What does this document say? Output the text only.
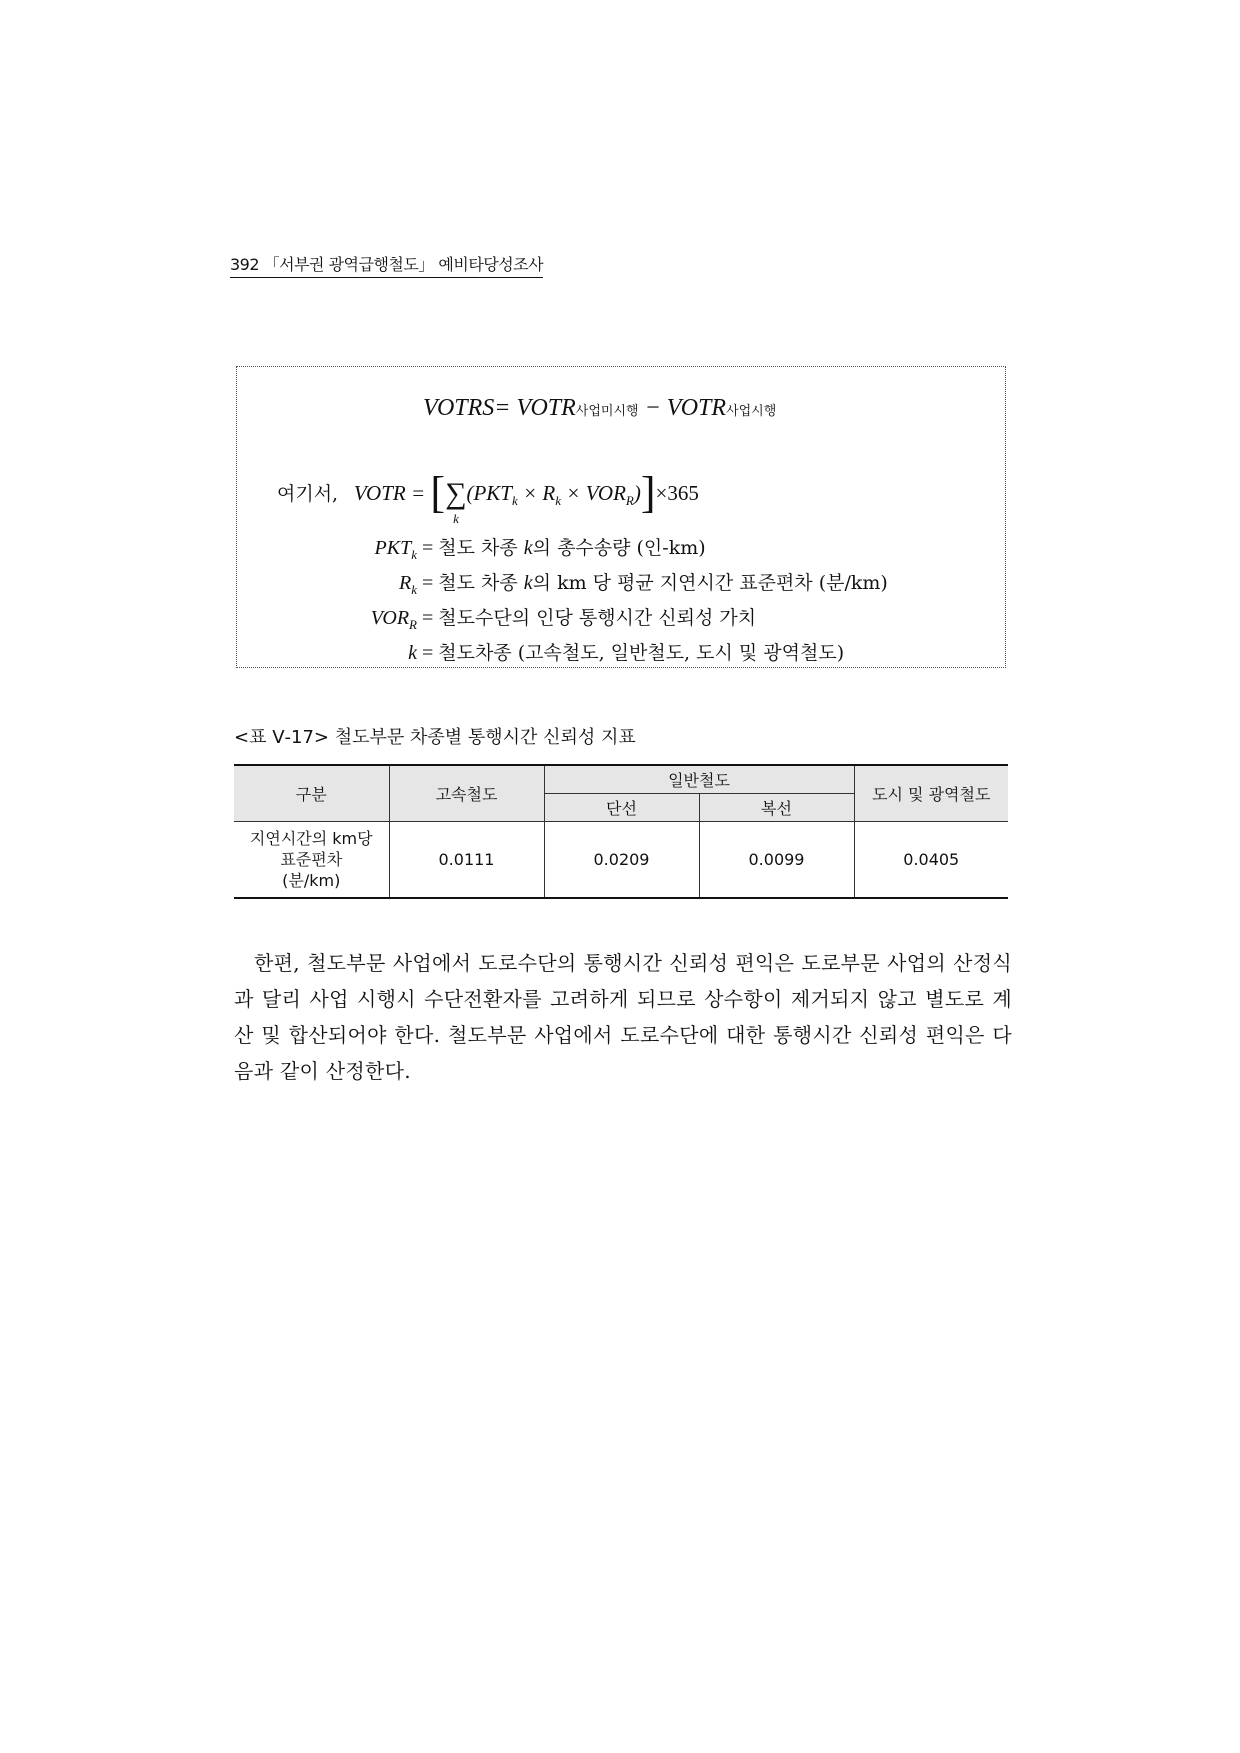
392 「서부권 광역급행철도」 예비타당성조사
VOTRS= VOTR사업미시행 − VOTR사업시행
여기서, VOTR = [∑
k
$(PKT_k \times R_k \times VOR_R)]\times 365$
$PKT_k$ = 철도 차종 k의 총수송량 (인-km)
$R_k$ = 철도 차종 k의 km 당 평균 지연시간 표준편차 (분/km)
$VOR_R$ = 철도수단의 인당 통행시간 신뢰성 가치
k = 철도차종 (고속철도, 일반철도, 도시 및 광역철도)
<표 Ⅴ-17> 철도부문 차종별 통행시간 신뢰성 지표
구분	고속철도	일반철도		도시 및 광역철도
		단선	복선	

지연시간의 km당
표준편차
(분/km)	0.0111	0.0209	0.0099	0.0405

한편, 철도부문 사업에서 도로수단의 통행시간 신뢰성 편익은 도로부문 사업의 산정식과 달리 사업 시행시 수단전환자를 고려하게 되므로 상수항이 제거되지 않고 별도로 계산 및 합산되어야 한다. 철도부문 사업에서 도로수단에 대한 통행시간 신뢰성 편익은 다음과 같이 산정한다.
